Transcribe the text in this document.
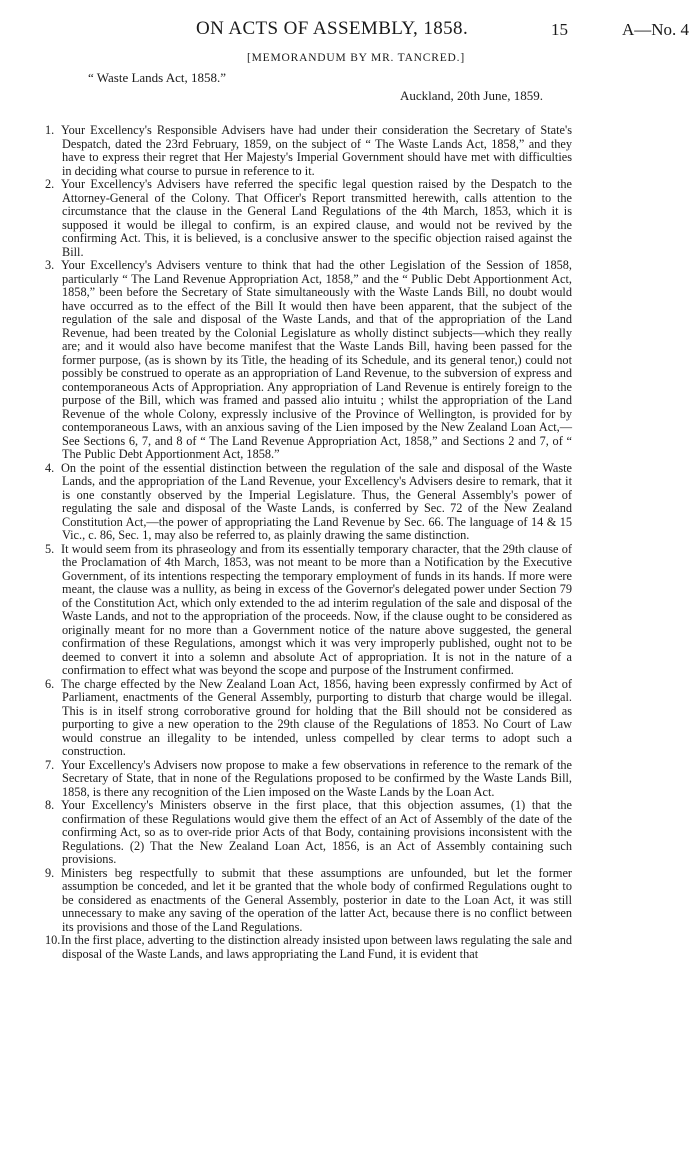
ON ACTS OF ASSEMBLY, 1858.	15	A—No. 4
[MEMORANDUM BY MR. TANCRED.]
“ Waste Lands Act, 1858.”
Auckland, 20th June, 1859.
1. Your Excellency's Responsible Advisers have had under their consideration the Secretary of State's Despatch, dated the 23rd February, 1859, on the subject of “ The Waste Lands Act, 1858,” and they have to express their regret that Her Majesty's Imperial Government should have met with difficulties in deciding what course to pursue in reference to it.
2. Your Excellency's Advisers have referred the specific legal question raised by the Despatch to the Attorney-General of the Colony. That Officer's Report transmitted herewith, calls attention to the circumstance that the clause in the General Land Regulations of the 4th March, 1853, which it is supposed it would be illegal to confirm, is an expired clause, and would not be revived by the confirming Act. This, it is believed, is a conclusive answer to the specific objection raised against the Bill.
3. Your Excellency's Advisers venture to think that had the other Legislation of the Session of 1858, particularly “ The Land Revenue Appropriation Act, 1858,” and the “ Public Debt Apportionment Act, 1858,” been before the Secretary of State simultaneously with the Waste Lands Bill, no doubt would have occurred as to the effect of the Bill It would then have been apparent, that the subject of the regulation of the sale and disposal of the Waste Lands, and that of the appropriation of the Land Revenue, had been treated by the Colonial Legislature as wholly distinct subjects—which they really are; and it would also have become manifest that the Waste Lands Bill, having been passed for the former purpose, (as is shown by its Title, the heading of its Schedule, and its general tenor,) could not possibly be construed to operate as an appropriation of Land Revenue, to the subversion of express and contemporaneous Acts of Appropriation. Any appropriation of Land Revenue is entirely foreign to the purpose of the Bill, which was framed and passed alio intuitu ; whilst the appropriation of the Land Revenue of the whole Colony, expressly inclusive of the Province of Wellington, is provided for by contemporaneous Laws, with an anxious saving of the Lien imposed by the New Zealand Loan Act,—See Sections 6, 7, and 8 of “ The Land Revenue Appropriation Act, 1858,” and Sections 2 and 7, of “ The Public Debt Apportionment Act, 1858.”
4. On the point of the essential distinction between the regulation of the sale and disposal of the Waste Lands, and the appropriation of the Land Revenue, your Excellency's Advisers desire to remark, that it is one constantly observed by the Imperial Legislature. Thus, the General Assembly's power of regulating the sale and disposal of the Waste Lands, is conferred by Sec. 72 of the New Zealand Constitution Act,—the power of appropriating the Land Revenue by Sec. 66. The language of 14 & 15 Vic., c. 86, Sec. 1, may also be referred to, as plainly drawing the same distinction.
5. It would seem from its phraseology and from its essentially temporary character, that the 29th clause of the Proclamation of 4th March, 1853, was not meant to be more than a Notification by the Executive Government, of its intentions respecting the temporary employment of funds in its hands. If more were meant, the clause was a nullity, as being in excess of the Governor's delegated power under Section 79 of the Constitution Act, which only extended to the ad interim regulation of the sale and disposal of the Waste Lands, and not to the appropriation of the proceeds. Now, if the clause ought to be considered as originally meant for no more than a Government notice of the nature above suggested, the general confirmation of these Regulations, amongst which it was very improperly published, ought not to be deemed to convert it into a solemn and absolute Act of appropriation. It is not in the nature of a confirmation to effect what was beyond the scope and purpose of the Instrument confirmed.
6. The charge effected by the New Zealand Loan Act, 1856, having been expressly confirmed by Act of Parliament, enactments of the General Assembly, purporting to disturb that charge would be illegal. This is in itself strong corroborative ground for holding that the Bill should not be considered as purporting to give a new operation to the 29th clause of the Regulations of 1853. No Court of Law would construe an illegality to be intended, unless compelled by clear terms to adopt such a construction.
7. Your Excellency's Advisers now propose to make a few observations in reference to the remark of the Secretary of State, that in none of the Regulations proposed to be confirmed by the Waste Lands Bill, 1858, is there any recognition of the Lien imposed on the Waste Lands by the Loan Act.
8. Your Excellency's Ministers observe in the first place, that this objection assumes, (1) that the confirmation of these Regulations would give them the effect of an Act of Assembly of the date of the confirming Act, so as to over-ride prior Acts of that Body, containing provisions inconsistent with the Regulations. (2) That the New Zealand Loan Act, 1856, is an Act of Assembly containing such provisions.
9. Ministers beg respectfully to submit that these assumptions are unfounded, but let the former assumption be conceded, and let it be granted that the whole body of confirmed Regulations ought to be considered as enactments of the General Assembly, posterior in date to the Loan Act, it was still unnecessary to make any saving of the operation of the latter Act, because there is no conflict between its provisions and those of the Land Regulations.
10. In the first place, adverting to the distinction already insisted upon between laws regulating the sale and disposal of the Waste Lands, and laws appropriating the Land Fund, it is evident that
